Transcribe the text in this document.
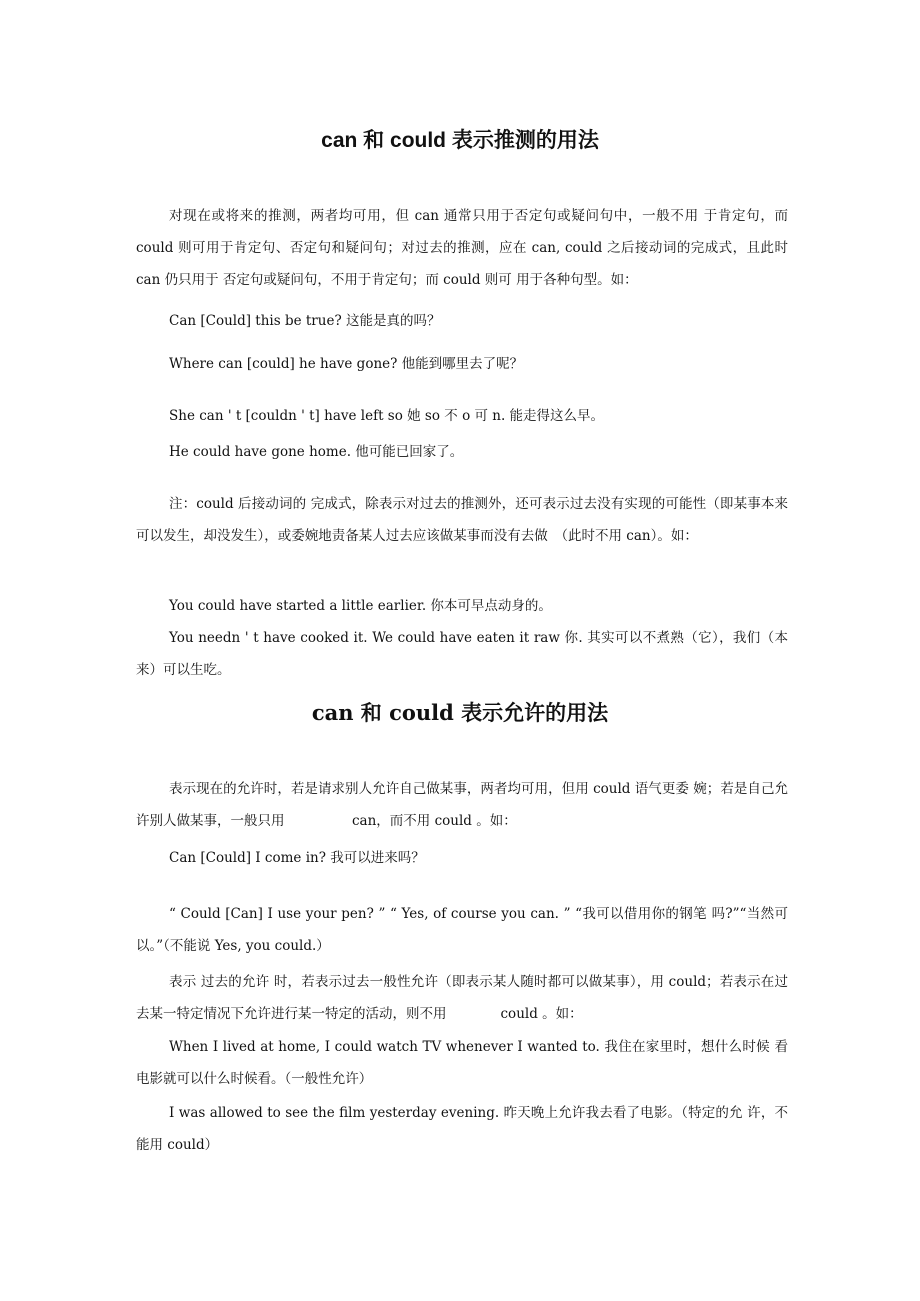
can 和 could 表示推测的用法

对现在或将来的推测，两者均可用，但 can 通常只用于否定句或疑问句中，一般不用 于肯定句，而 could 则可用于肯定句、否定句和疑问句；对过去的推测，应在 can, could 之后接动词的完成式，且此时 can 仍只用于 否定句或疑问句，不用于肯定句；而 could 则可 用于各种句型。如：

Can [Could] this be true? 这能是真的吗？

Where can [could] he have gone? 他能到哪里去了呢？

She can ' t [couldn ' t] have left so 她 so 不 o 可 n. 能走得这么早。

He could have gone home. 他可能已回家了。

注：could 后接动词的 完成式，除表示对过去的推测外，还可表示过去没有实现的可能性（即某事本来可以发生，却没发生），或委婉地责备某人过去应该做某事而没有去做　（此时不用 can）。如：

You could have started a little earlier. 你本可早点动身的。

You needn ' t have cooked it. We could have eaten it raw 你. 其实可以不煮熟（它），我们（本来）可以生吃。

can 和 could 表示允许的用法

表示现在的允许时，若是请求别人允许自己做某事，两者均可用，但用 could 语气更委 婉；若是自己允许别人做某事，一般只用　　　　　can，而不用 could 。如：

Can [Could] I come in? 我可以进来吗？

“ Could [Can] I use your pen? ” “ Yes, of course you can. ” “我可以借用你的钢笔 吗?”“当然可以。”（不能说 Yes, you could.）

表示 过去的允许 时，若表示过去一般性允许（即表示某人随时都可以做某事），用 could；若表示在过去某一特定情况下允许进行某一特定的活动，则不用　　　　could 。如：

When I lived at home, I could watch TV whenever I wanted to. 我住在家里时，想什么时候 看电影就可以什么时候看。（一般性允许）

I was allowed to see the film yesterday evening. 昨天晚上允许我去看了电影。（特定的允 许，不能用 could）
